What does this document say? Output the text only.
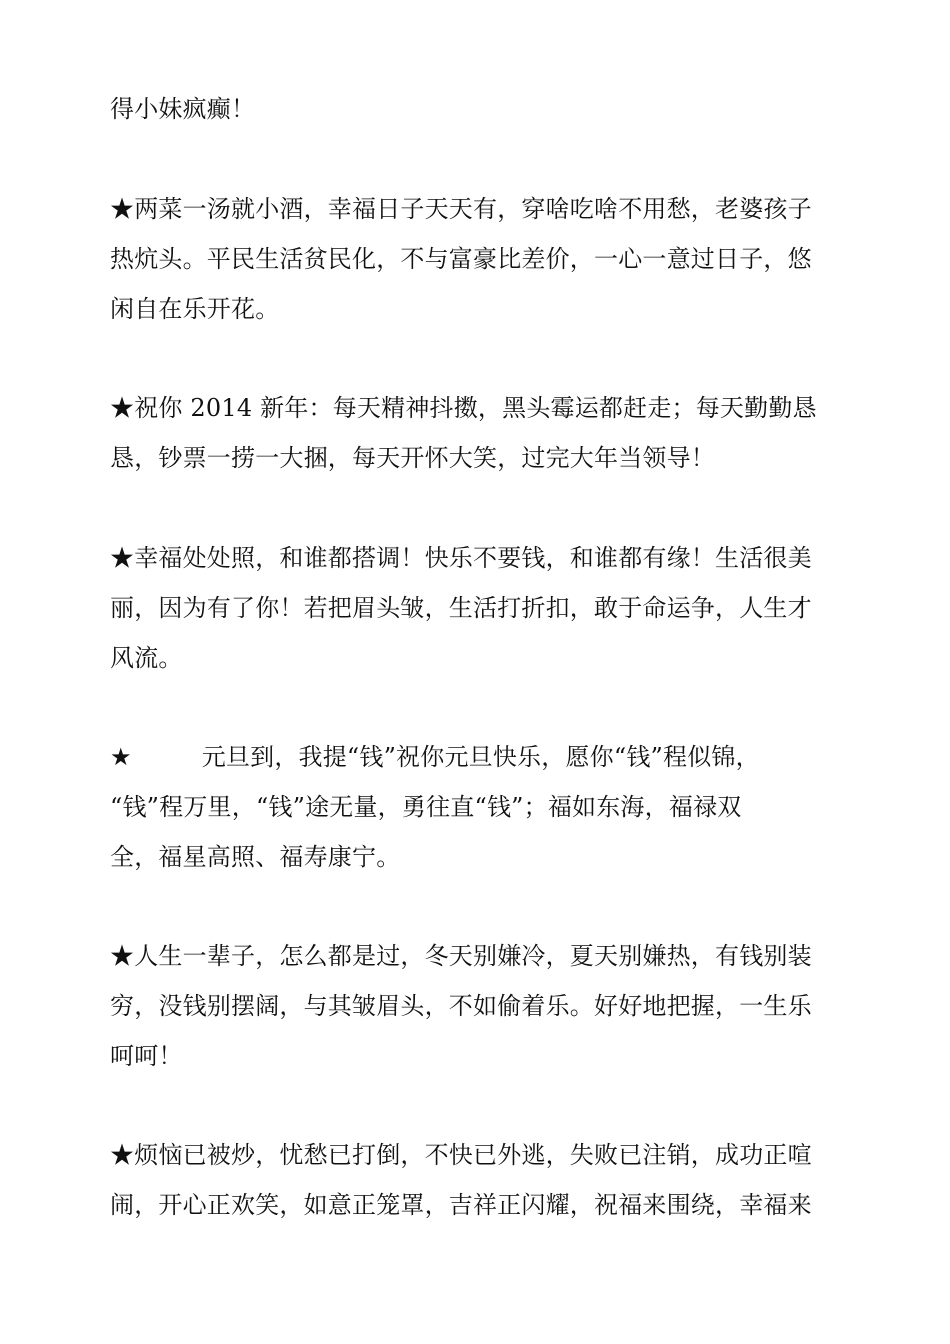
得小妹疯癫！
★两菜一汤就小酒，幸福日子天天有，穿啥吃啥不用愁，老婆孩子
热炕头。平民生活贫民化，不与富豪比差价，一心一意过日子，悠
闲自在乐开花。
★祝你 2014 新年：每天精神抖擞，黑头霉运都赶走；每天勤勤恳
恳，钞票一捞一大捆，每天开怀大笑，过完大年当领导！
★幸福处处照，和谁都搭调！快乐不要钱，和谁都有缘！生活很美
丽，因为有了你！若把眉头皱，生活打折扣，敢于命运争，人生才
风流。
★	元旦到，我提“钱”祝你元旦快乐，愿你“钱”程似锦，
“钱”程万里，“钱”途无量，勇往直“钱”；福如东海，福禄双
全，福星高照、福寿康宁。
★人生一辈子，怎么都是过，冬天别嫌冷，夏天别嫌热，有钱别装
穷，没钱别摆阔，与其皱眉头，不如偷着乐。好好地把握，一生乐
呵呵！
★烦恼已被炒，忧愁已打倒，不快已外逃，失败已注销，成功正喧
闹，开心正欢笑，如意正笼罩，吉祥正闪耀，祝福来围绕，幸福来
